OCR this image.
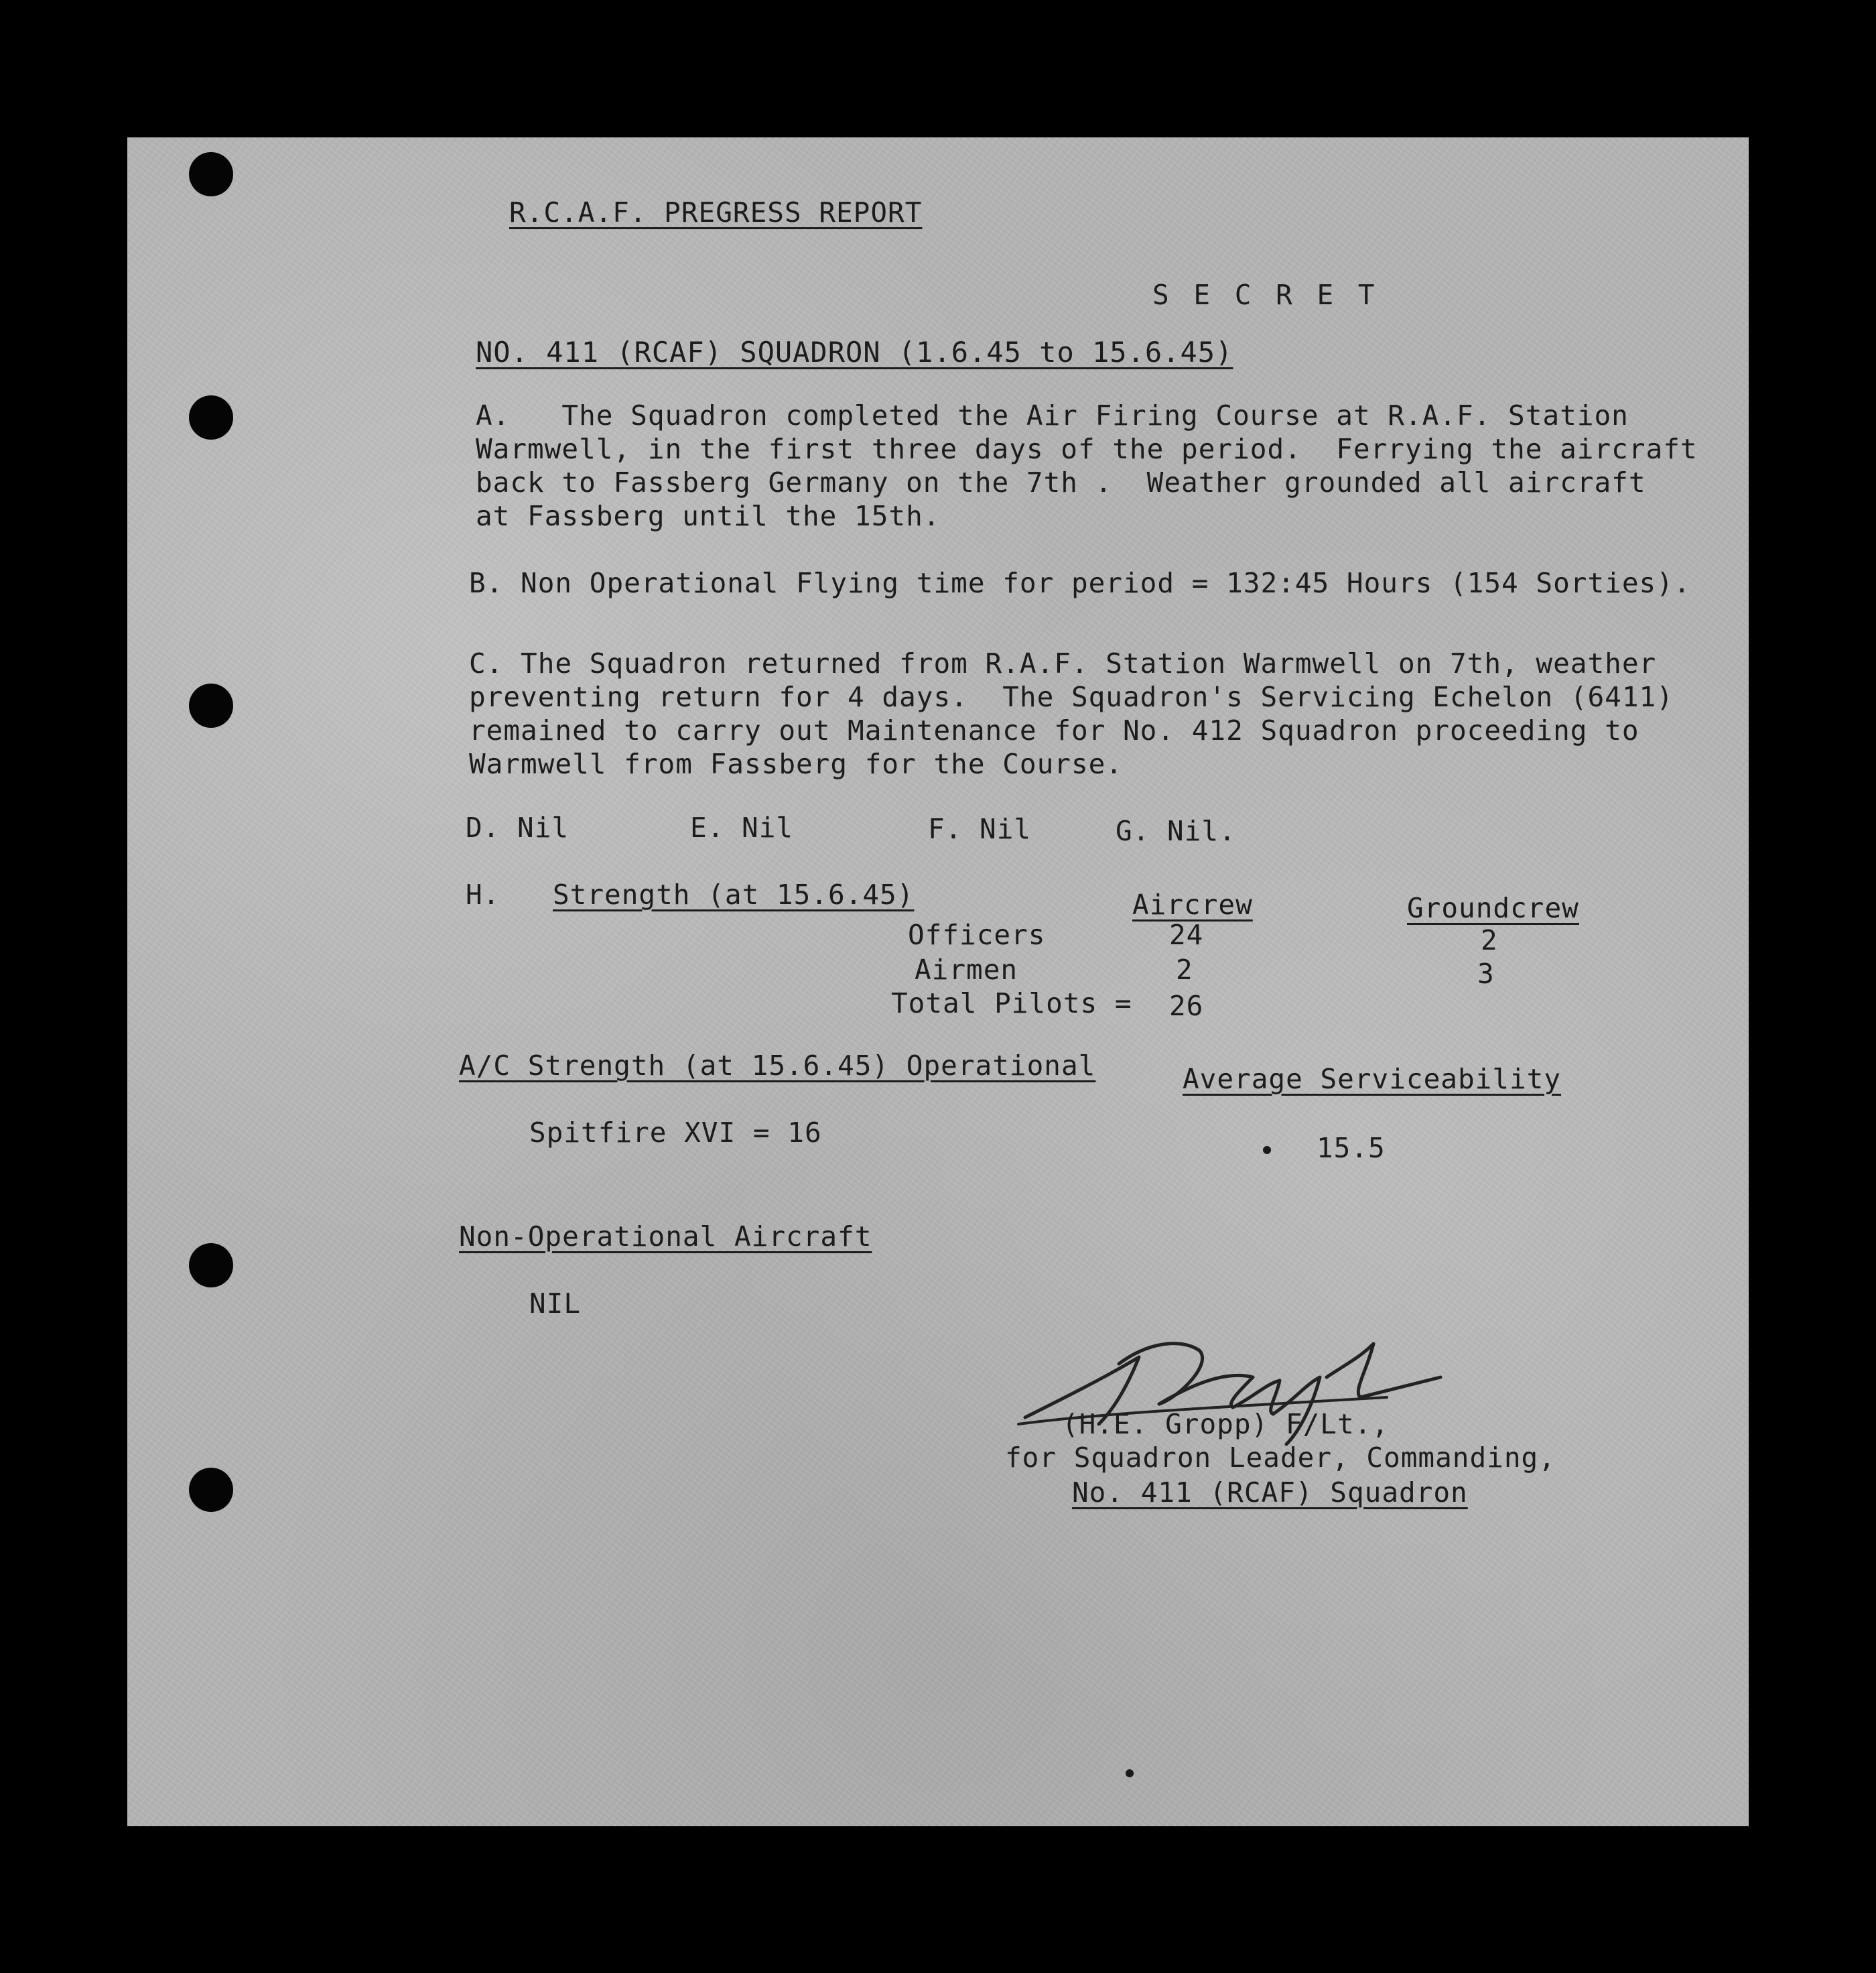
R.C.A.F. PREGRESS REPORT
S E C R E T
NO. 411 (RCAF) SQUADRON (1.6.45 to 15.6.45)
A.   The Squadron completed the Air Firing Course at R.A.F. Station
Warmwell, in the first three days of the period.  Ferrying the aircraft
back to Fassberg Germany on the 7th .  Weather grounded all aircraft
at Fassberg until the 15th.
B. Non Operational Flying time for period = 132:45 Hours (154 Sorties).
C. The Squadron returned from R.A.F. Station Warmwell on 7th, weather
preventing return for 4 days.  The Squadron's Servicing Echelon (6411)
remained to carry out Maintenance for No. 412 Squadron proceeding to
Warmwell from Fassberg for the Course.
D. Nil	E. Nil	F. Nil	G. Nil.
H. Strength (at 15.6.45)	Aircrew	Groundcrew
Officers	24	2
Airmen	2	3
Total Pilots = 26
A/C Strength (at 15.6.45) Operational	Average Serviceability
Spitfire XVI = 16	15.5
Non-Operational Aircraft
NIL
(H.E. Gropp) F/Lt.,
for Squadron Leader, Commanding,
No. 411 (RCAF) Squadron
